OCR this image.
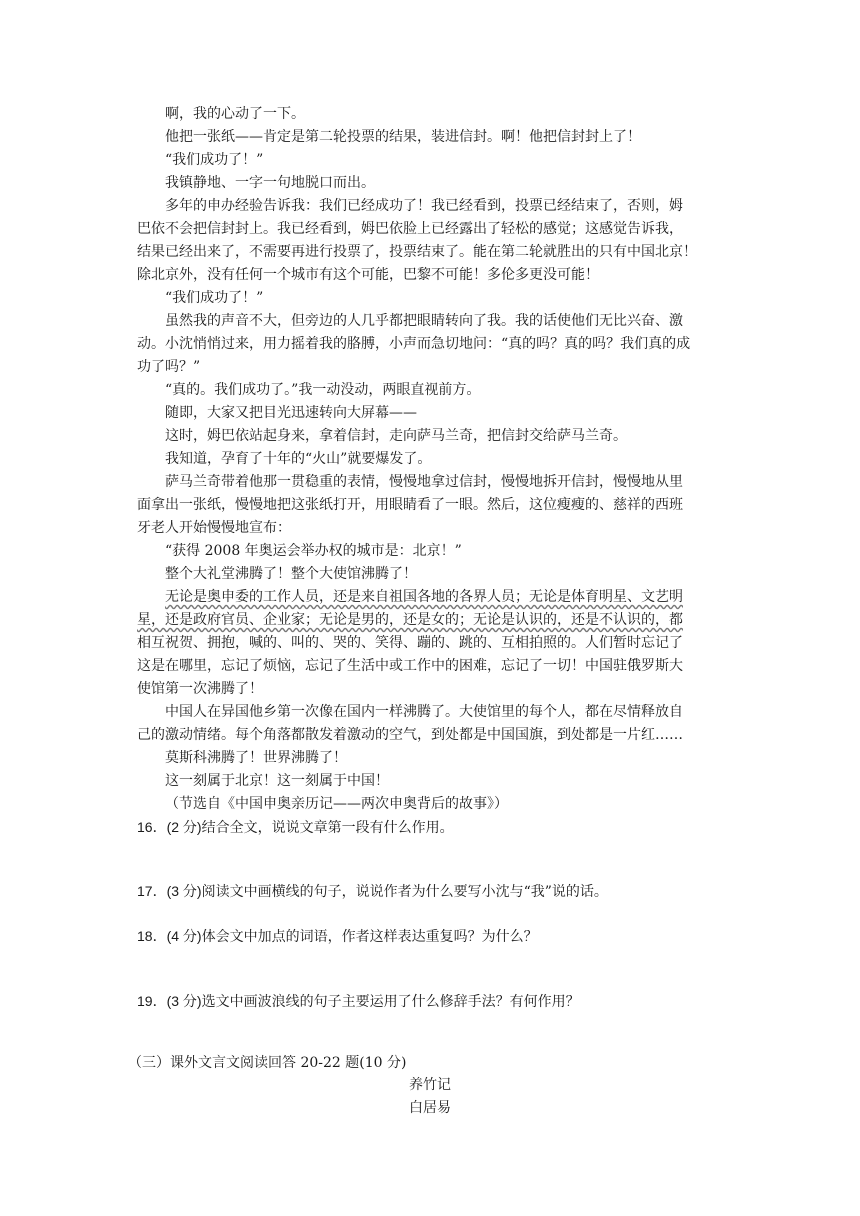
啊，我的心动了一下。

他把一张纸——肯定是第二轮投票的结果，装进信封。啊！他把信封封上了！

“我们成功了！”

我镇静地、一字一句地脱口而出。

多年的申办经验告诉我：我们已经成功了！我已经看到，投票已经结束了，否则，姆
巴依不会把信封封上。我已经看到，姆巴依脸上已经露出了轻松的感觉；这感觉告诉我，
结果已经出来了，不需要再进行投票了，投票结束了。能在第二轮就胜出的只有中国北京！
除北京外，没有任何一个城市有这个可能，巴黎不可能！多伦多更没可能！

“我们成功了！”

虽然我的声音不大，但旁边的人几乎都把眼睛转向了我。我的话使他们无比兴奋、激
动。小沈悄悄过来，用力摇着我的胳膊，小声而急切地问：“真的吗？真的吗？我们真的成
功了吗？”

“真的。我们成功了。”我一动没动，两眼直视前方。

随即，大家又把目光迅速转向大屏幕——

这时，姆巴依站起身来，拿着信封，走向萨马兰奇，把信封交给萨马兰奇。

我知道，孕育了十年的“火山”就要爆发了。

萨马兰奇带着他那一贯稳重的表情，慢慢地拿过信封，慢慢地拆开信封，慢慢地从里
面拿出一张纸，慢慢地把这张纸打开，用眼睛看了一眼。然后，这位瘦瘦的、慈祥的西班
牙老人开始慢慢地宣布：

“获得 2008 年奥运会举办权的城市是：北京！”

整个大礼堂沸腾了！整个大使馆沸腾了！

无论是奥申委的工作人员，还是来自祖国各地的各界人员；无论是体育明星、文艺明
星，还是政府官员、企业家；无论是男的，还是女的；无论是认识的，还是不认识的，都
相互祝贺、拥抱，喊的、叫的、哭的、笑得、蹦的、跳的、互相拍照的。人们暂时忘记了
这是在哪里，忘记了烦恼，忘记了生活中或工作中的困难，忘记了一切！中国驻俄罗斯大
使馆第一次沸腾了！

中国人在异国他乡第一次像在国内一样沸腾了。大使馆里的每个人，都在尽情释放自
己的激动情绪。每个角落都散发着激动的空气，到处都是中国国旗，到处都是一片红……

莫斯科沸腾了！世界沸腾了！

这一刻属于北京！这一刻属于中国！

（节选自《中国申奥亲历记——两次申奥背后的故事》）

16．(2 分)结合全文，说说文章第一段有什么作用。

17．(3 分)阅读文中画横线的句子，说说作者为什么要写小沈与“我”说的话。

18．(4 分)体会文中加点的词语，作者这样表达重复吗？为什么？

19．(3 分)选文中画波浪线的句子主要运用了什么修辞手法？有何作用？

（三）课外文言文阅读回答 20-22 题(10 分)

养竹记

白居易
